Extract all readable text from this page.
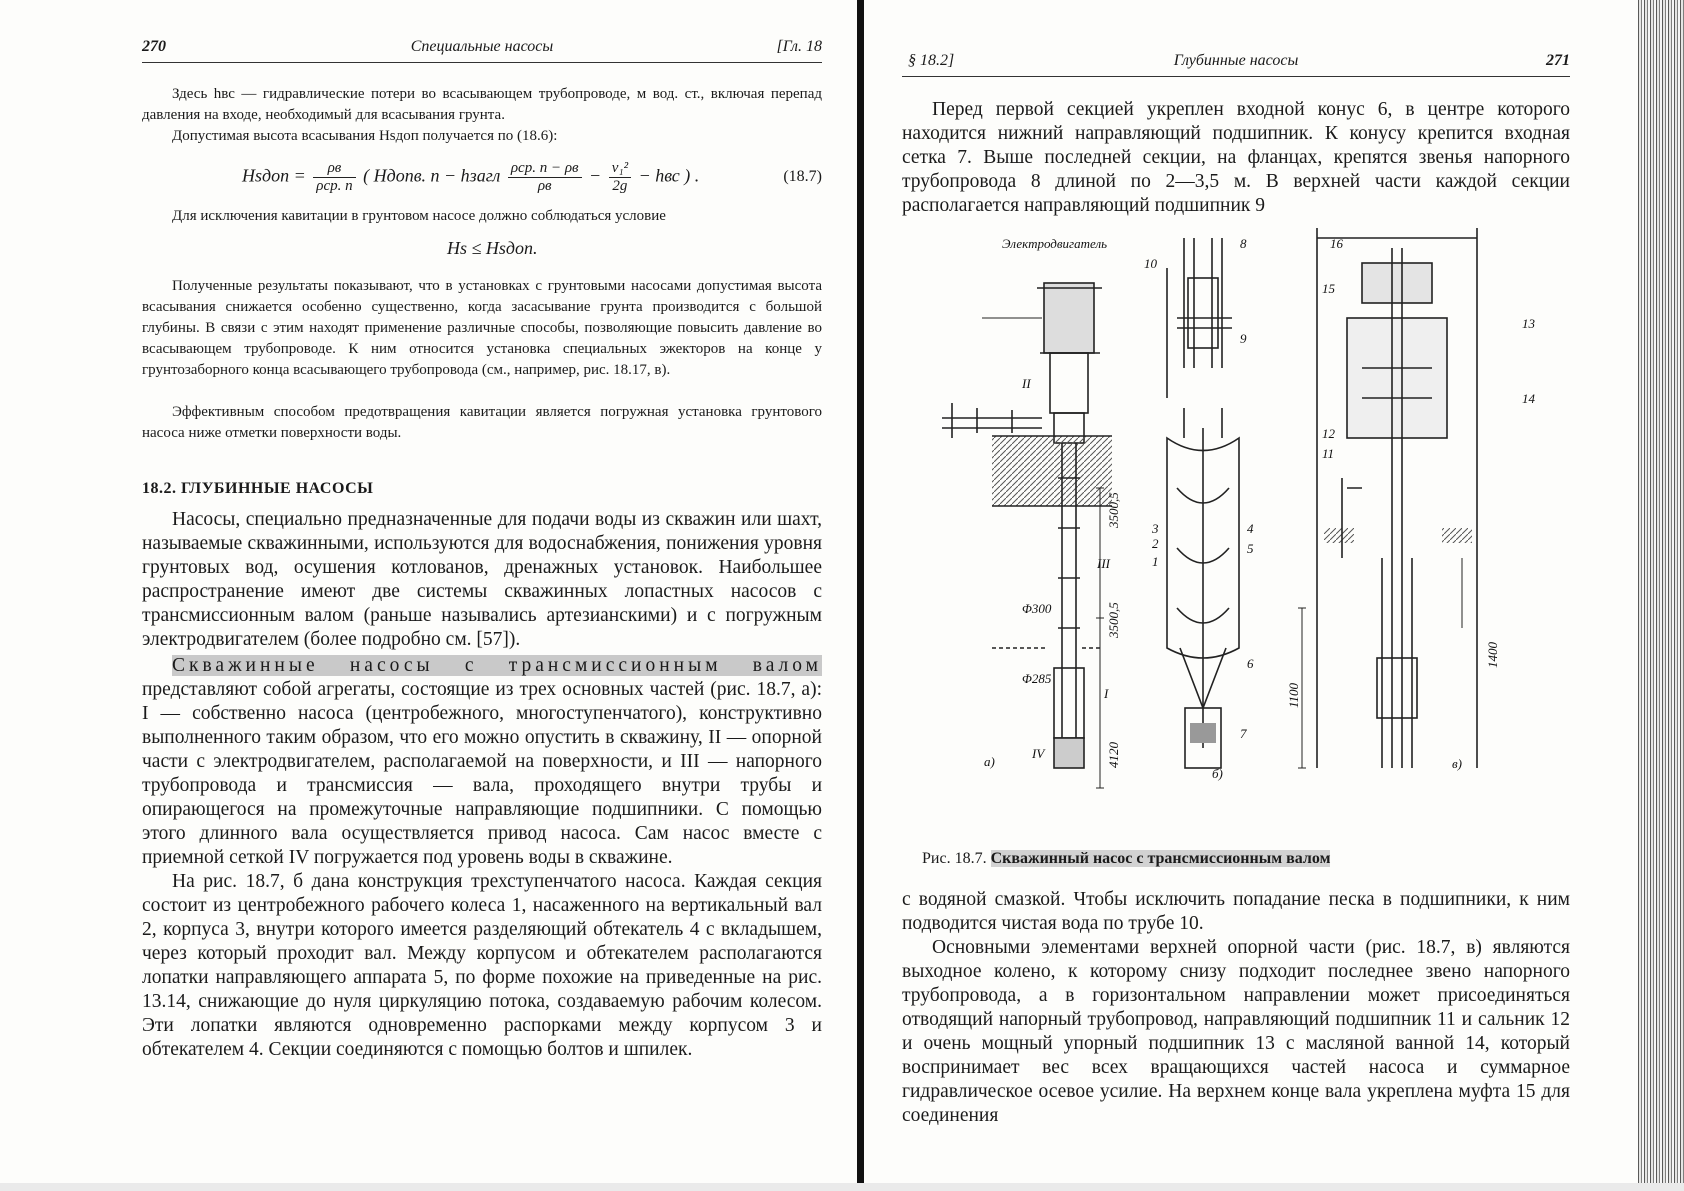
270	Специальные насосы	[Гл. 18

Здесь hвс — гидравлические потери во всасывающем трубопроводе, м вод. ст., включая перепад давления на входе, необходимый для всасывания грунта.

Допустимая высота всасывания Hsдоп получается по (18.6):

Hsдоп = $\frac{\rho в}{\text{ρср. п}}$ ( Hдопв. п − hзагл $\frac{\text{ρср. п − ρв}}{\rho в} - \frac{\text{v₁²}}{2g}$ − hвс ) .	(18.7)

Для исключения кавитации в грунтовом насосе должно соблюдаться условие

Hs ≤ Hsдоп.

Полученные результаты показывают, что в установках с грунтовыми насосами допустимая высота всасывания снижается особенно существенно, когда засасывание грунта производится с большой глубины. В связи с этим находят применение различные способы, позволяющие повысить давление во всасывающем трубопроводе. К ним относится установка специальных эжекторов на конце у грунтозаборного конца всасывающего трубопровода (см., например, рис. 18.17, в).

Эффективным способом предотвращения кавитации является погружная установка грунтового насоса ниже отметки поверхности воды.

18.2. ГЛУБИННЫЕ НАСОСЫ

Насосы, специально предназначенные для подачи воды из скважин или шахт, называемые скважинными, используются для водоснабжения, понижения уровня грунтовых вод, осушения котлованов, дренажных установок. Наибольшее распространение имеют две системы скважинных лопастных насосов с трансмиссионным валом (раньше назывались артезианскими) и с погружным электродвигателем (более подробно см. [57]).

Скважинные насосы с трансмиссионным валом представляют собой агрегаты, состоящие из трех основных частей (рис. 18.7, а): I — собственно насоса (центробежного, многоступенчатого), конструктивно выполненного таким образом, что его можно опустить в скважину, II — опорной части с электродвигателем, располагаемой на поверхности, и III — напорного трубопровода и трансмиссия — вала, проходящего внутри трубы и опирающегося на промежуточные направляющие подшипники. С помощью этого длинного вала осуществляется привод насоса. Сам насос вместе с приемной сеткой IV погружается под уровень воды в скважине.

На рис. 18.7, б дана конструкция трехступенчатого насоса. Каждая секция состоит из центробежного рабочего колеса 1, насаженного на вертикальный вал 2, корпуса 3, внутри которого имеется разделяющий обтекатель 4 с вкладышем, через который проходит вал. Между корпусом и обтекателем располагаются лопатки направляющего аппарата 5, по форме похожие на приведенные на рис. 13.14, снижающие до нуля циркуляцию потока, создаваемую рабочим колесом. Эти лопатки являются одновременно распорками между корпусом 3 и обтекателем 4. Секции соединяются с помощью болтов и шпилек.

§ 18.2]	Глубинные насосы	271

Перед первой секцией укреплен входной конус 6, в центре которого находится нижний направляющий подшипник. К конусу крепится входная сетка 7. Выше последней секции, на фланцах, крепятся звенья напорного трубопровода 8 длиной по 2—3,5 м. В верхней части каждой секции располагается направляющий подшипник 9

Электродвигатель
II
III
I
IV
Φ300
Φ285
3500,5
3500,5
4120
1400
1100
10
8
9
3
2
1
4
5
6
7
16
15
13
14
12
11
а)
б)
в)
Рис. 18.7. Скважинный насос с трансмиссионным валом

с водяной смазкой. Чтобы исключить попадание песка в подшипники, к ним подводится чистая вода по трубе 10.

Основными элементами верхней опорной части (рис. 18.7, в) являются выходное колено, к которому снизу подходит последнее звено напорного трубопровода, а в горизонтальном направлении может присоединяться отводящий напорный трубопровод, направляющий подшипник 11 и сальник 12 и очень мощный упорный подшипник 13 с масляной ванной 14, который воспринимает вес всех вращающихся частей насоса и суммарное гидравлическое осевое усилие. На верхнем конце вала укреплена муфта 15 для соединения
